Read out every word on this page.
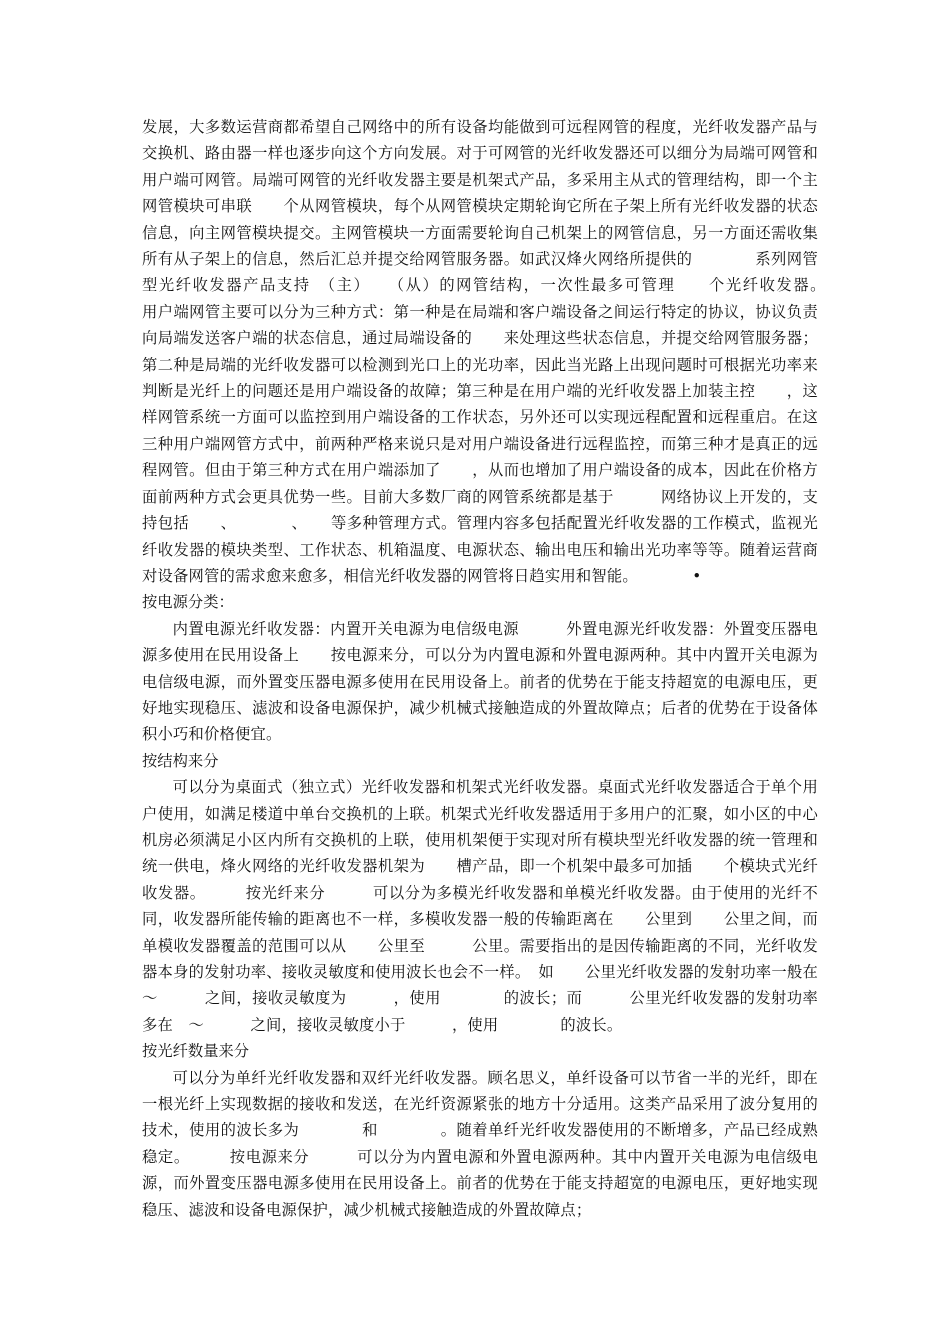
发展，大多数运营商都希望自己网络中的所有设备均能做到可远程网管的程度，光纤收发器产品与交换机、路由器一样也逐步向这个方向发展。对于可网管的光纤收发器还可以细分为局端可网管和用户端可网管。局端可网管的光纤收发器主要是机架式产品，多采用主从式的管理结构，即一个主网管模块可串联　　个从网管模块，每个从网管模块定期轮询它所在子架上所有光纤收发器的状态信息，向主网管模块提交。主网管模块一方面需要轮询自己机架上的网管信息，另一方面还需收集所有从子架上的信息，然后汇总并提交给网管服务器。如武汉烽火网络所提供的　　　　系列网管型光纤收发器产品支持　（主）　　（从）的网管结构，一次性最多可管理　　个光纤收发器。　　　用户端网管主要可以分为三种方式：第一种是在局端和客户端设备之间运行特定的协议，协议负责向局端发送客户端的状态信息，通过局端设备的　　来处理这些状态信息，并提交给网管服务器；第二种是局端的光纤收发器可以检测到光口上的光功率，因此当光路上出现问题时可根据光功率来判断是光纤上的问题还是用户端设备的故障；第三种是在用户端的光纤收发器上加装主控　　，这样网管系统一方面可以监控到用户端设备的工作状态，另外还可以实现远程配置和远程重启。在这三种用户端网管方式中，前两种严格来说只是对用户端设备进行远程监控，而第三种才是真正的远程网管。但由于第三种方式在用户端添加了　　，从而也增加了用户端设备的成本，因此在价格方面前两种方式会更具优势一些。目前大多数厂商的网管系统都是基于　　　网络协议上开发的，支持包括　　、　　　　、　　等多种管理方式。管理内容多包括配置光纤收发器的工作模式，监视光纤收发器的模块类型、工作状态、机箱温度、电源状态、输出电压和输出光功率等等。随着运营商对设备网管的需求愈来愈多，相信光纤收发器的网管将日趋实用和智能。　　　　•

按电源分类：

内置电源光纤收发器：内置开关电源为电信级电源　　　外置电源光纤收发器：外置变压器电源多使用在民用设备上　　按电源来分，可以分为内置电源和外置电源两种。其中内置开关电源为电信级电源，而外置变压器电源多使用在民用设备上。前者的优势在于能支持超宽的电源电压，更好地实现稳压、滤波和设备电源保护，减少机械式接触造成的外置故障点；后者的优势在于设备体积小巧和价格便宜。

按结构来分

可以分为桌面式（独立式）光纤收发器和机架式光纤收发器。桌面式光纤收发器适合于单个用户使用，如满足楼道中单台交换机的上联。机架式光纤收发器适用于多用户的汇聚，如小区的中心机房必须满足小区内所有交换机的上联，使用机架便于实现对所有模块型光纤收发器的统一管理和统一供电，烽火网络的光纤收发器机架为　　槽产品，即一个机架中最多可加插　　个模块式光纤收发器。　　　按光纤来分　　　可以分为多模光纤收发器和单模光纤收发器。由于使用的光纤不同，收发器所能传输的距离也不一样，多模收发器一般的传输距离在　　公里到　　公里之间，而单模收发器覆盖的范围可以从　　公里至　　　公里。需要指出的是因传输距离的不同，光纤收发器本身的发射功率、接收灵敏度和使用波长也会不一样。　如　　公里光纤收发器的发射功率一般在　　～　　　之间，接收灵敏度为　　　，使用　　　　的波长；而　　　公里光纤收发器的发射功率多在　～　　　之间，接收灵敏度小于　　　，使用　　　　的波长。

按光纤数量来分

可以分为单纤光纤收发器和双纤光纤收发器。顾名思义，单纤设备可以节省一半的光纤，即在一根光纤上实现数据的接收和发送，在光纤资源紧张的地方十分适用。这类产品采用了波分复用的技术，使用的波长多为　　　　和　　　　。随着单纤光纤收发器使用的不断增多，产品已经成熟稳定。　　　按电源来分　　　可以分为内置电源和外置电源两种。其中内置开关电源为电信级电源，而外置变压器电源多使用在民用设备上。前者的优势在于能支持超宽的电源电压，更好地实现稳压、滤波和设备电源保护，减少机械式接触造成的外置故障点；
